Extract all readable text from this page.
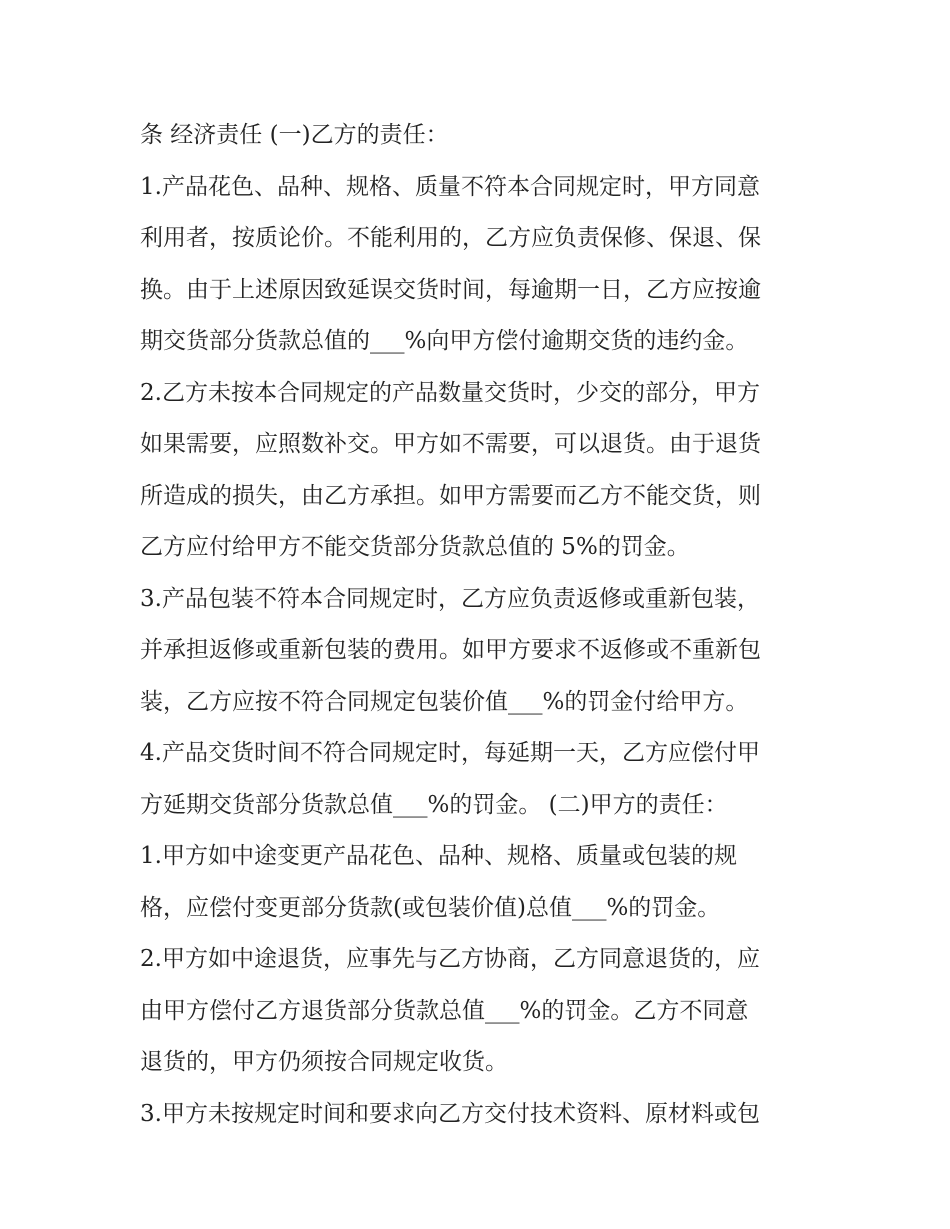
条 经济责任 (一)乙方的责任：
1.产品花色、品种、规格、质量不符本合同规定时，甲方同意
利用者，按质论价。不能利用的，乙方应负责保修、保退、保
换。由于上述原因致延误交货时间，每逾期一日，乙方应按逾
期交货部分货款总值的___%向甲方偿付逾期交货的违约金。
2.乙方未按本合同规定的产品数量交货时，少交的部分，甲方
如果需要，应照数补交。甲方如不需要，可以退货。由于退货
所造成的损失，由乙方承担。如甲方需要而乙方不能交货，则
乙方应付给甲方不能交货部分货款总值的 5%的罚金。
3.产品包装不符本合同规定时，乙方应负责返修或重新包装，
并承担返修或重新包装的费用。如甲方要求不返修或不重新包
装，乙方应按不符合同规定包装价值___%的罚金付给甲方。
4.产品交货时间不符合同规定时，每延期一天，乙方应偿付甲
方延期交货部分货款总值___%的罚金。 (二)甲方的责任：
1.甲方如中途变更产品花色、品种、规格、质量或包装的规
格，应偿付变更部分货款(或包装价值)总值___%的罚金。
2.甲方如中途退货，应事先与乙方协商，乙方同意退货的，应
由甲方偿付乙方退货部分货款总值___%的罚金。乙方不同意
退货的，甲方仍须按合同规定收货。
3.甲方未按规定时间和要求向乙方交付技术资料、原材料或包
